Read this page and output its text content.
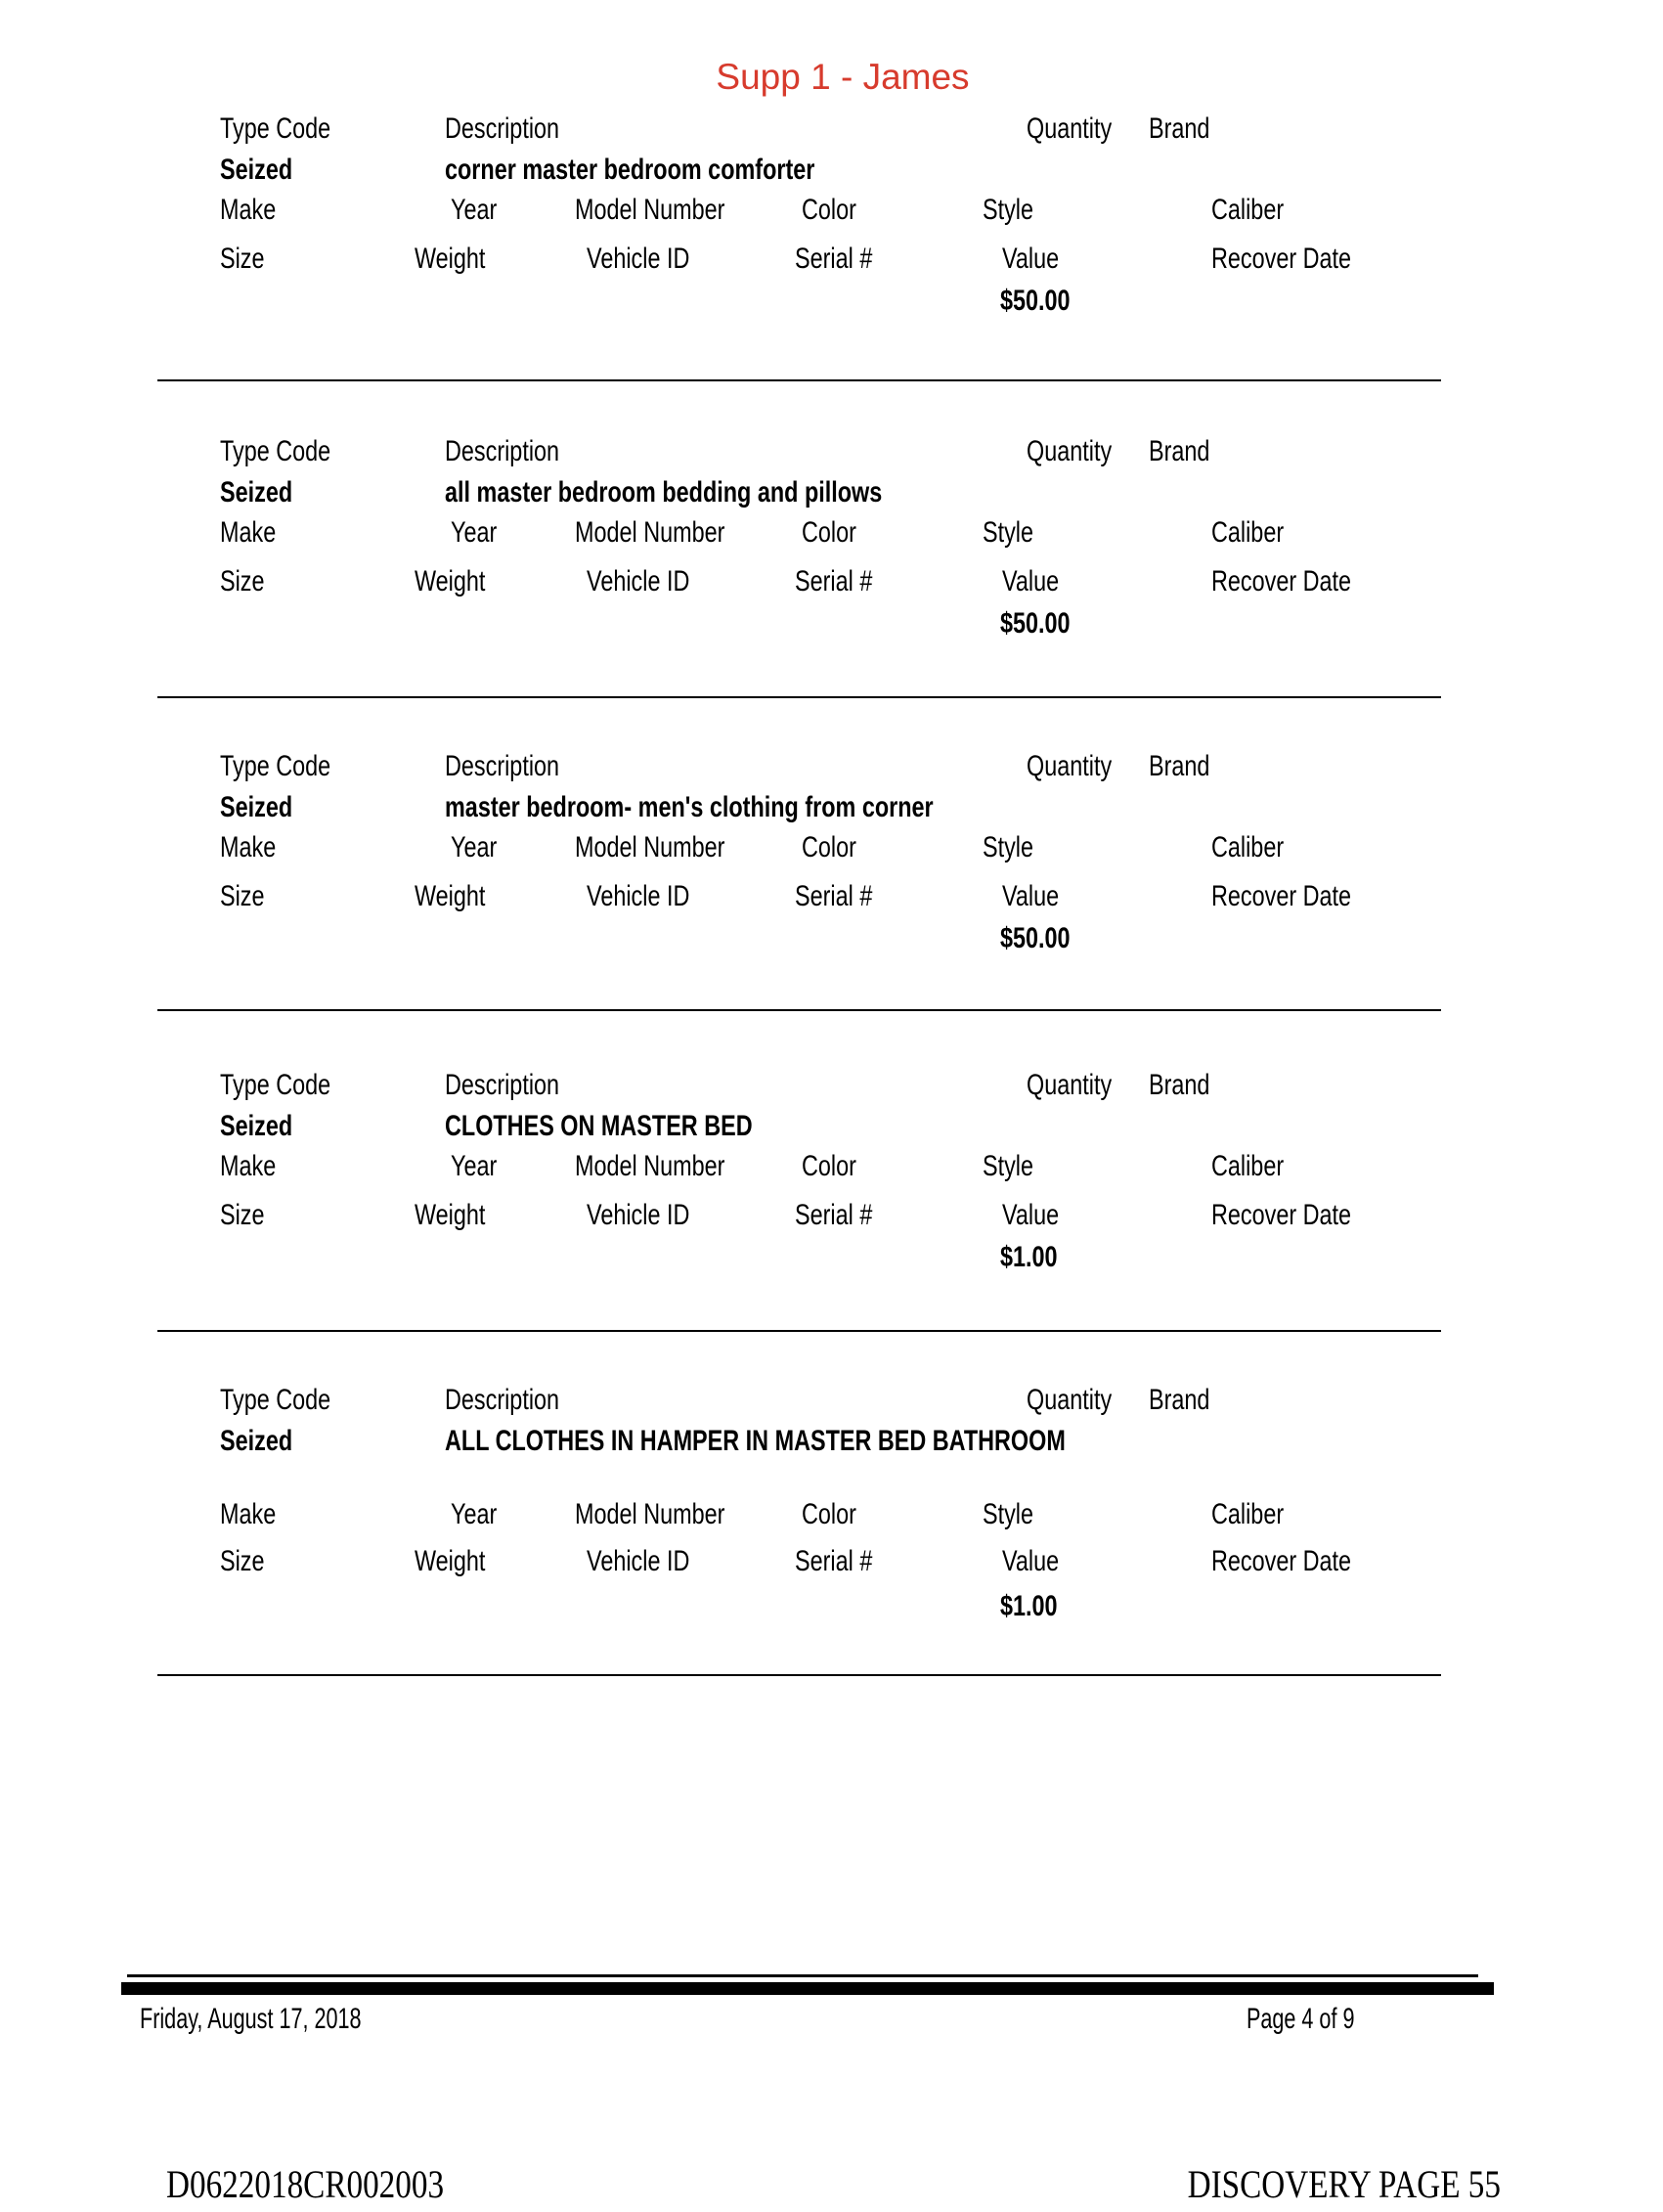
Supp 1 - James
Type Code	Description	Quantity Brand
Seized	corner master bedroom comforter
Make	Year	Model Number	Color	Style	Caliber
Size	Weight	Vehicle ID	Serial #	Value	Recover Date
$50.00
Type Code	Description	Quantity Brand
Seized	all master bedroom bedding and pillows
Make	Year	Model Number	Color	Style	Caliber
Size	Weight	Vehicle ID	Serial #	Value	Recover Date
$50.00
Type Code	Description	Quantity Brand
Seized	master bedroom- men's clothing from corner
Make	Year	Model Number	Color	Style	Caliber
Size	Weight	Vehicle ID	Serial #	Value	Recover Date
$50.00
Type Code	Description	Quantity Brand
Seized	CLOTHES ON MASTER BED
Make	Year	Model Number	Color	Style	Caliber
Size	Weight	Vehicle ID	Serial #	Value	Recover Date
$1.00
Type Code	Description	Quantity Brand
Seized	ALL CLOTHES IN HAMPER IN MASTER BED BATHROOM
Make	Year	Model Number	Color	Style	Caliber
Size	Weight	Vehicle ID	Serial #	Value	Recover Date
$1.00
Friday, August 17, 2018	Page 4 of 9
D0622018CR002003	DISCOVERY PAGE 55
